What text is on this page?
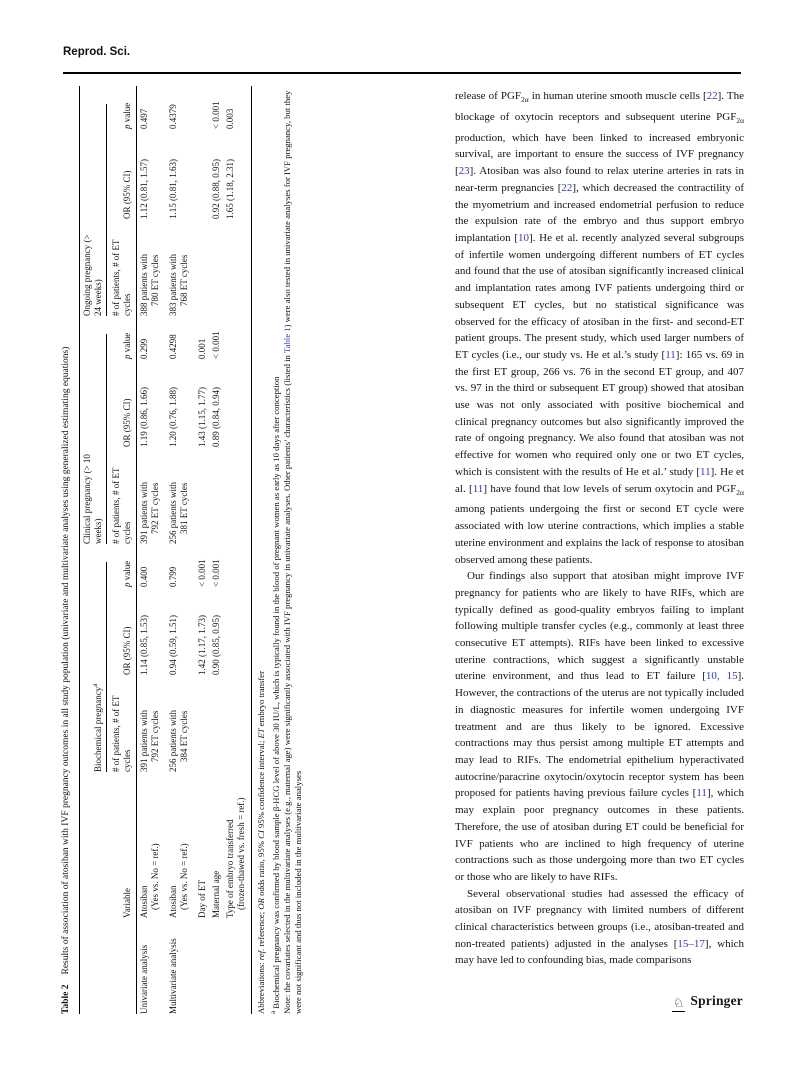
Reprod. Sci.
Table 2Results of association of atosiban with IVF pregnancy outcomes in all study population (univariate and multivariate analyses using generalized estimating equations)

		Biochemical pregnancy$^a$			Clinical pregnancy (> 10 weeks)			Ongoing pregnancy (> 24 weeks)		

	Variable	# of patients, # of ET cycles	OR (95% CI)	p value	# of patients, # of ET cycles	OR (95% CI)	p value	# of patients, # of ET cycles	OR (95% CI)	p value
Univariate analysis	Atosiban (Yes vs. No = ref.)	391 patients with 792 ET cycles	1.14 (0.85, 1.53)	0.400	391 patients with 792 ET cycles	1.19 (0.86, 1.66)	0.299	388 patients with 780 ET cycles	1.12 (0.81, 1.57)	0.497
Multivariate analysis	Atosiban (Yes vs. No = ref.)	256 patients with 384 ET cycles	0.94 (0.59, 1.51)	0.799	256 patients with 381 ET cycles	1.20 (0.76, 1.88)	0.4298	383 patients with 768 ET cycles	1.15 (0.81, 1.63)	0.4379
	Day of ET		1.42 (1.17, 1.73)	< 0.001		1.43 (1.15, 1.77)	0.001			
	Maternal age		0.90 (0.85, 0.95)	< 0.001		0.89 (0.84, 0.94)	< 0.001		0.92 (0.88, 0.95)	< 0.001
	Type of embryo transferred (frozen-thawed vs. fresh = ref.)								1.65 (1.18, 2.31)	0.003

Abbreviations: ref. reference; OR odds ratio, 95% CI 95% confidence interval; ET embryo transfer

$^a$ Biochemical pregnancy was confirmed by blood sample β-HCG level of above 30 IU/L, which is typically found in the blood of pregnant women as early as 10 days after conception Note: the covariates selected in the multivariate analyses (e.g., maternal age) were significantly associated with IVF pregnancy in univariate analyses. Other patients’ characteristics (listed in Table 1) were also tested in univariate analyses for IVF pregnancy, but they were not significant and thus not included in the multivariate analyses

release of $PGF_{2\alpha}$ in human uterine smooth muscle cells [22]. The blockage of oxytocin receptors and subsequent uterine $PGF_{2\alpha}$ production, which have been linked to increased embryonic survival, are important to ensure the success of IVF pregnancy [23]. Atosiban was also found to relax uterine arteries in rats in near-term pregnancies [22], which decreased the contractility of the myometrium and increased endometrial perfusion to reduce the expulsion rate of the embryo and thus support embryo implantation [10]. He et al. recently analyzed several subgroups of infertile women undergoing different numbers of ET cycles and found that the use of atosiban significantly increased clinical and implantation rates among IVF patients undergoing third or subsequent ET cycles, but no statistical significance was observed for the efficacy of atosiban in the first- and second-ET patient groups. The present study, which used larger numbers of ET cycles (i.e., our study vs. He et al.’s study [11]: 165 vs. 69 in the first ET group, 266 vs. 76 in the second ET group, and 407 vs. 97 in the third or subsequent ET group) showed that atosiban use was not only associated with positive biochemical and clinical pregnancy outcomes but also significantly improved the rate of ongoing pregnancy. We also found that atosiban was not effective for women who required only one or two ET cycles, which is consistent with the results of He et al.’ study [11]. He et al. [11] have found that low levels of serum oxytocin and $PGF_{2\alpha}$ among patients undergoing the first or second ET cycle were associated with low uterine contractions, which implies a stable uterine environment and explains the lack of response to atosiban observed among these patients.

Our findings also support that atosiban might improve IVF pregnancy for patients who are likely to have RIFs, which are typically defined as good-quality embryos failing to implant following multiple transfer cycles (e.g., commonly at least three consecutive ET attempts). RIFs have been linked to excessive uterine contractions, which suggest a significantly unstable uterine environment, and thus lead to ET failure [10, 15]. However, the contractions of the uterus are not typically included in diagnostic measures for infertile women undergoing IVF treatment and are thus likely to be ignored. Excessive contractions may thus persist among multiple ET attempts and may lead to RIFs. The endometrial epithelium hyperactivated autocrine/paracrine oxytocin/oxytocin receptor system has been proposed for patients having previous failure cycles [11], which may explain poor pregnancy outcomes in these patients. Therefore, the use of atosiban during ET could be beneficial for IVF patients who are inclined to high frequency of uterine contractions such as those undergoing more than two ET cycles or those who are likely to have RIFs.

Several observational studies had assessed the efficacy of atosiban on IVF pregnancy with limited numbers of different clinical characteristics between groups (i.e., atosiban-treated and non-treated patients) adjusted in the analyses [15–17], which may have led to confounding bias, made comparisons

♘ Springer
